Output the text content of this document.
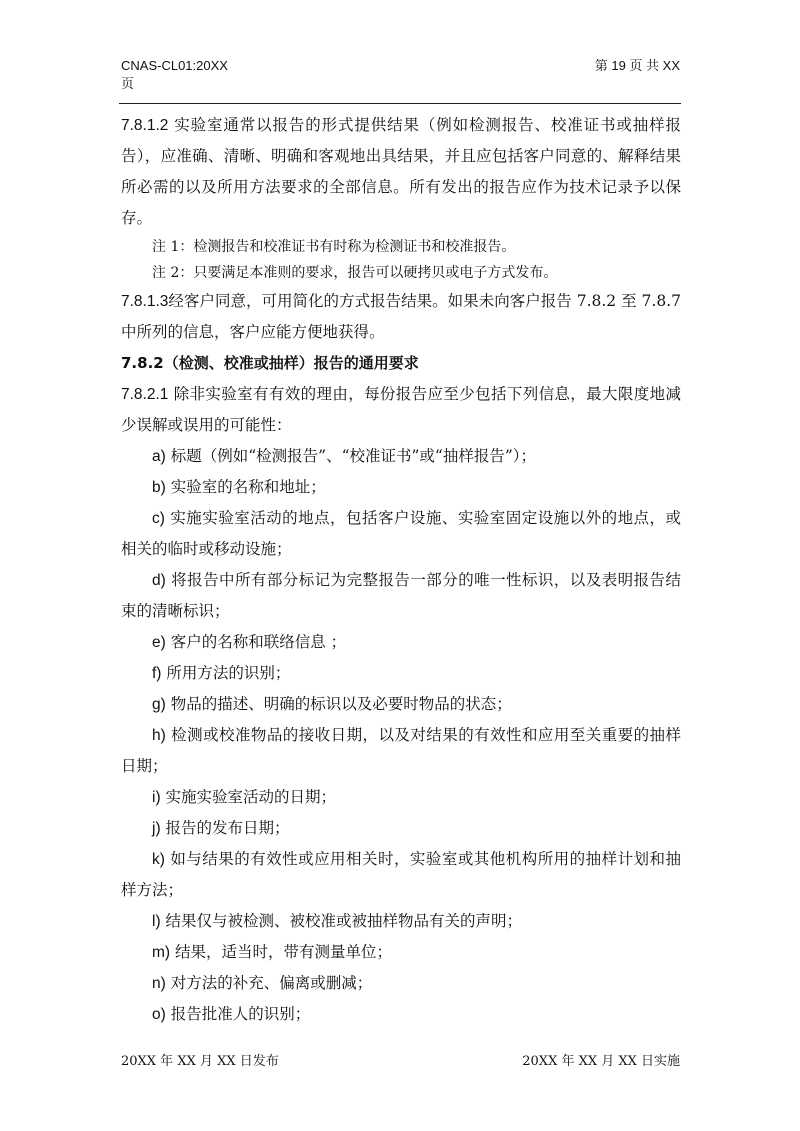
CNAS-CL01:20XX
页
第 19 页 共 XX

7.8.1.2 实验室通常以报告的形式提供结果（例如检测报告、校准证书或抽样报告），应准确、清晰、明确和客观地出具结果，并且应包括客户同意的、解释结果所必需的以及所用方法要求的全部信息。所有发出的报告应作为技术记录予以保存。

注 1：检测报告和校准证书有时称为检测证书和校准报告。

注 2：只要满足本准则的要求，报告可以硬拷贝或电子方式发布。

7.8.1.3经客户同意，可用简化的方式报告结果。如果未向客户报告 7.8.2 至 7.8.7 中所列的信息，客户应能方便地获得。

7.8.2（检测、校准或抽样）报告的通用要求

7.8.2.1 除非实验室有有效的理由，每份报告应至少包括下列信息，最大限度地减少误解或误用的可能性：

a) 标题（例如“检测报告”、“校准证书”或“抽样报告”）；

b) 实验室的名称和地址；

c) 实施实验室活动的地点，包括客户设施、实验室固定设施以外的地点，或相关的临时或移动设施；

d) 将报告中所有部分标记为完整报告一部分的唯一性标识，以及表明报告结束的清晰标识；

e) 客户的名称和联络信息 ；

f) 所用方法的识别；

g) 物品的描述、明确的标识以及必要时物品的状态；

h) 检测或校准物品的接收日期，以及对结果的有效性和应用至关重要的抽样日期；

i) 实施实验室活动的日期；

j) 报告的发布日期；

k) 如与结果的有效性或应用相关时，实验室或其他机构所用的抽样计划和抽样方法；

l) 结果仅与被检测、被校准或被抽样物品有关的声明；

m) 结果，适当时，带有测量单位；

n) 对方法的补充、偏离或删减；

o) 报告批准人的识别；

20XX 年 XX 月 XX 日发布	20XX 年 XX 月 XX 日实施
